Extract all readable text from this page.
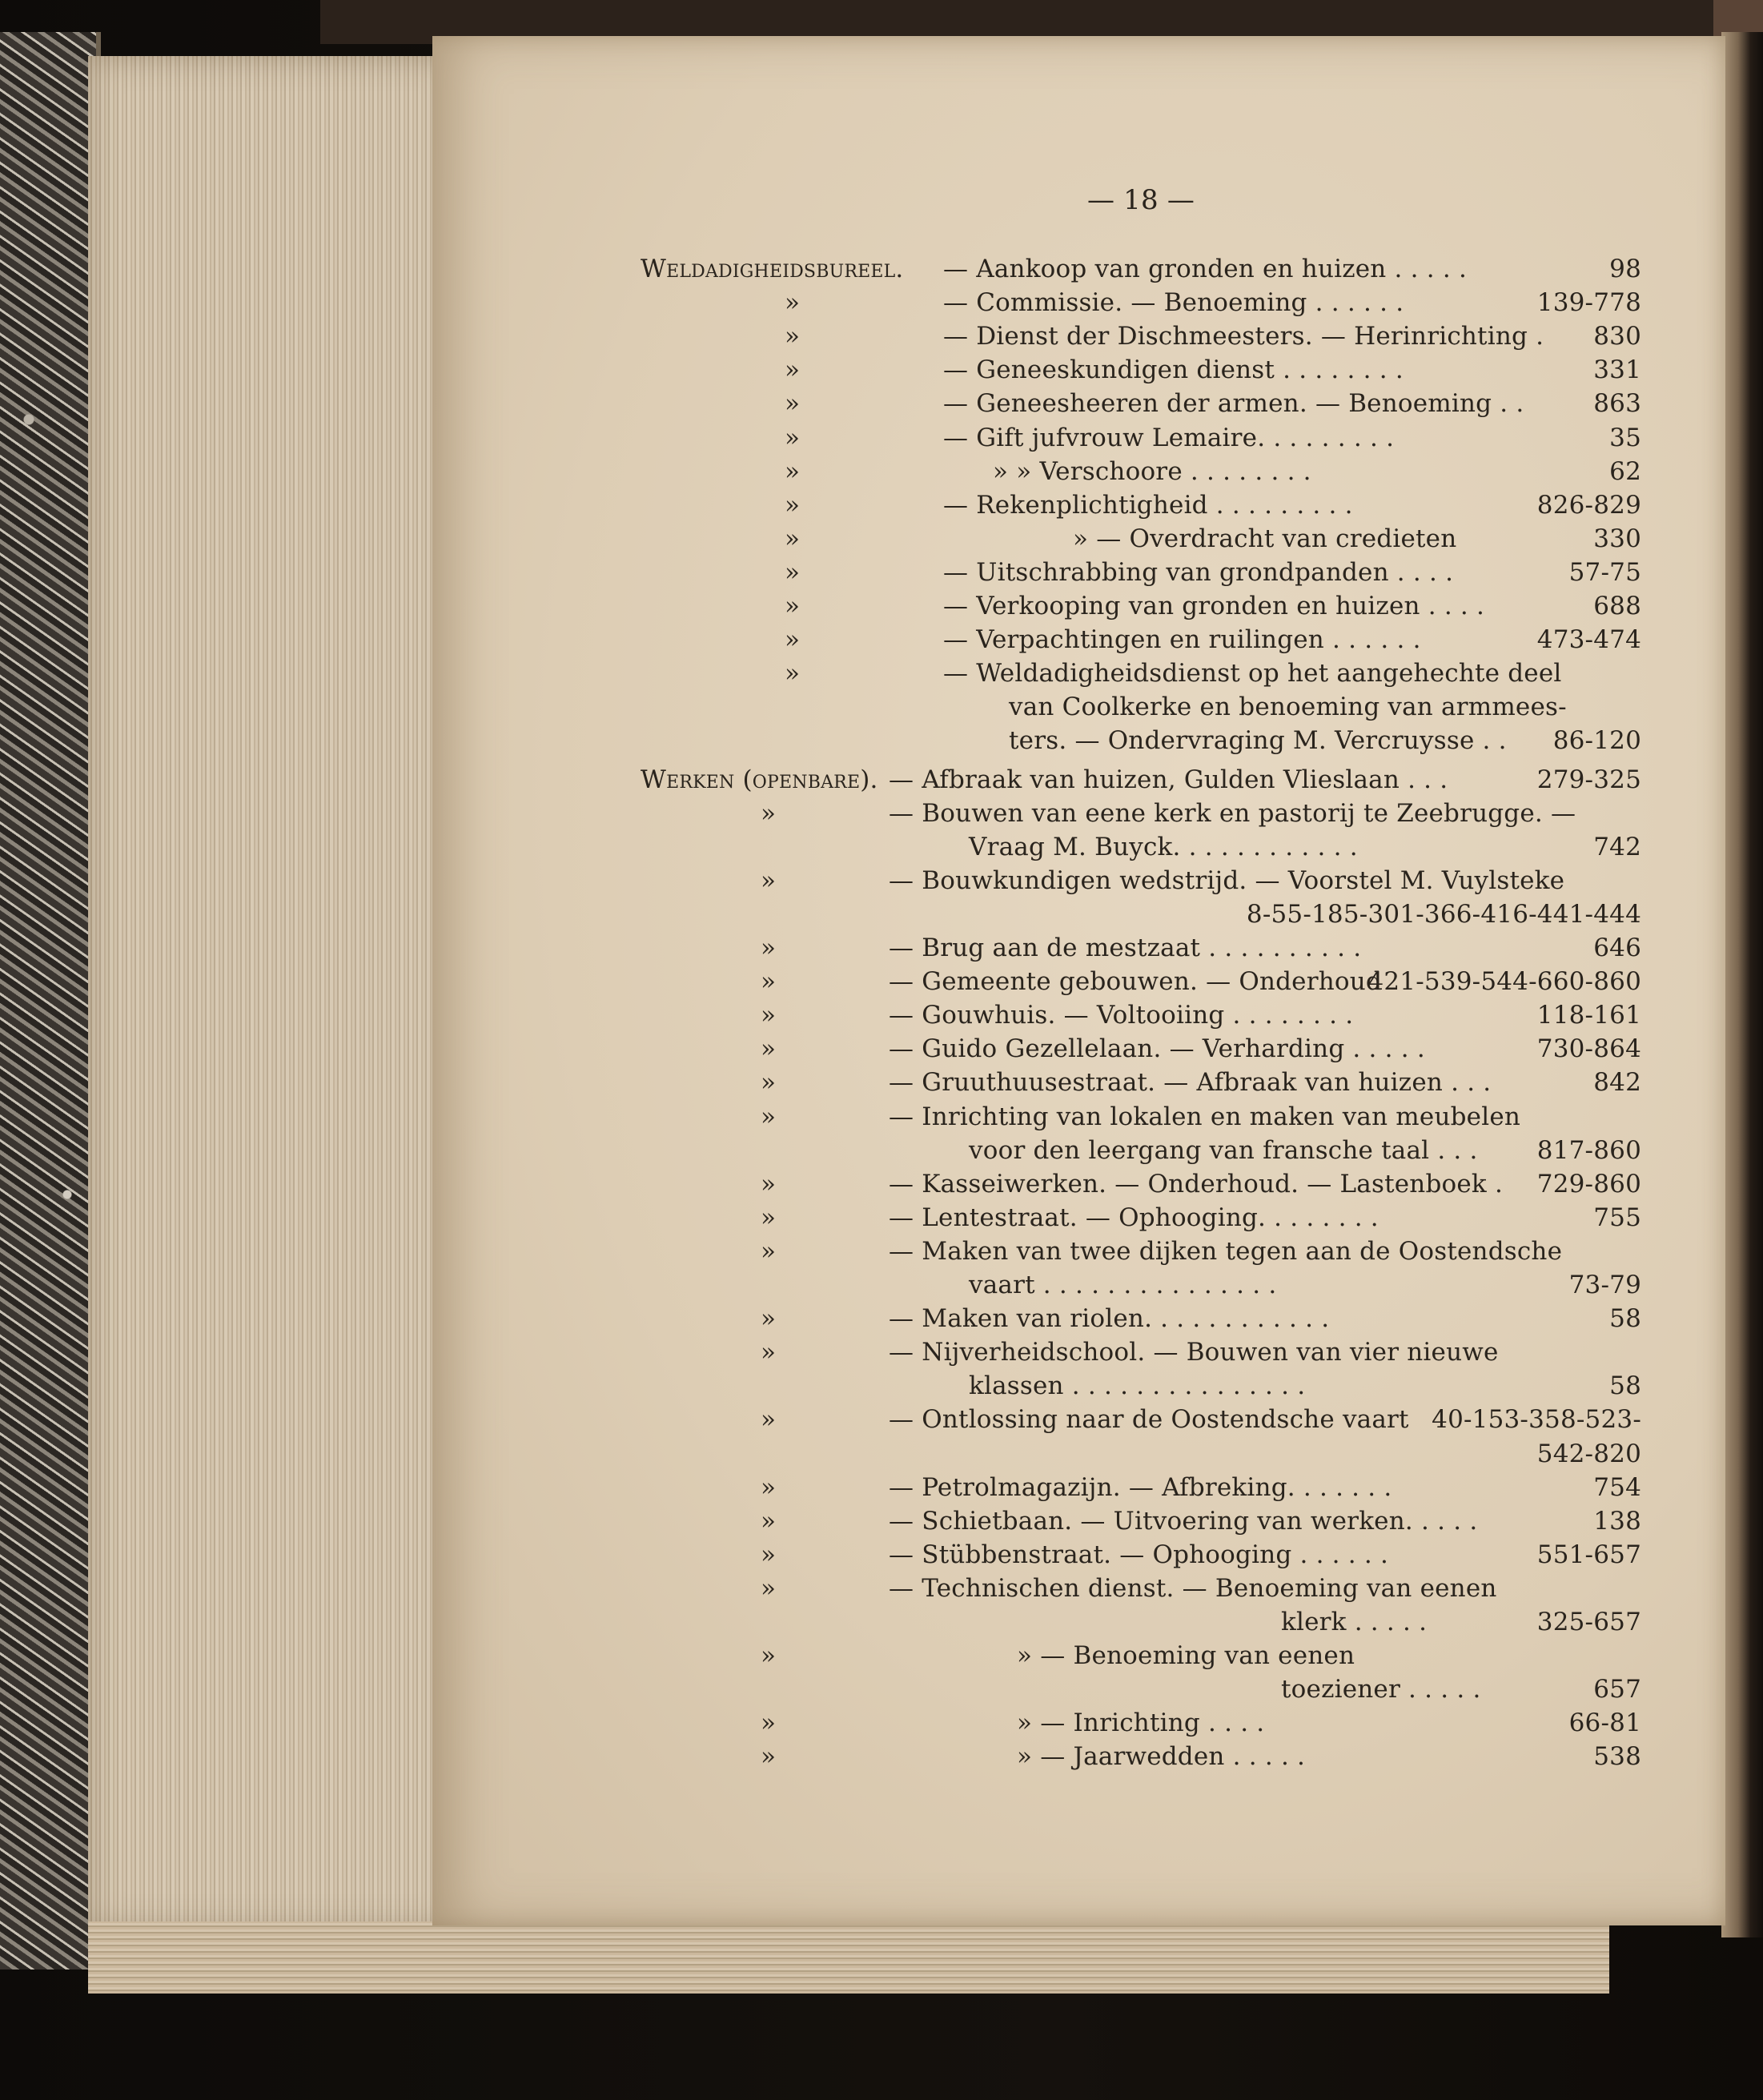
— 18 —
Weldadigheidsbureel. — Aankoop van gronden en huizen . . . . .	98
»	— Commissie. — Benoeming . . . . . .	139-778
»	— Dienst der Dischmeesters. — Herinrichting . 830
»	— Geneeskundigen dienst . . . . . . . .	331
»	— Geneesheeren der armen. — Benoeming . .	863
»	— Gift jufvrouw Lemaire. . . . . . . . .	35
»	» » Verschoore . . . . . . . .	62
»	— Rekenplichtigheid . . . . . . . . .	826-829
»	» — Overdracht van credieten	330
»	— Uitschrabbing van grondpanden . . . .	57-75
»	— Verkooping van gronden en huizen . . . .	688
»	— Verpachtingen en ruilingen . . . . . .	473-474
»	— Weldadigheidsdienst op het aangehechte deel
van Coolkerke en benoeming van armmees-
ters. — Ondervraging M. Vercruysse . . 86-120
Werken (openbare). — Afbraak van huizen, Gulden Vlieslaan . . .	279-325
»	— Bouwen van eene kerk en pastorij te Zeebrugge. —
Vraag M. Buyck. . . . . . . . . . . .	742
»	— Bouwkundigen wedstrijd. — Voorstel M. Vuylsteke
8-55-185-301-366-416-441-444
»	— Brug aan de mestzaat . . . . . . . . . .	646
»	— Gemeente gebouwen. — Onderhoud
421-539-544-660-860
»	— Gouwhuis. — Voltooiing . . . . . . . .	118-161
»	— Guido Gezellelaan. — Verharding . . . . .	730-864
»	— Gruuthuusestraat. — Afbraak van huizen . . .	842
»	— Inrichting van lokalen en maken van meubelen
voor den leergang van fransche taal . . . 817-860
»	— Kasseiwerken. — Onderhoud. — Lastenboek . 729-860
»	— Lentestraat. — Ophooging. . . . . . . .	755
»	— Maken van twee dijken tegen aan de Oostendsche
vaart . . . . . . . . . . . . . . .	73-79
»	— Maken van riolen. . . . . . . . . . . .	58
»	— Nijverheidschool. — Bouwen van vier nieuwe
klassen . . . . . . . . . . . . . . .	58
»	— Ontlossing naar de Oostendsche vaart 40-153-358-523-
542-820
»	— Petrolmagazijn. — Afbreking. . . . . . .	754
»	— Schietbaan. — Uitvoering van werken. . . . .	138
»	— Stübbenstraat. — Ophooging . . . . . .	551-657
»	— Technischen dienst. — Benoeming van eenen
klerk . . . . .	325-657
»	» — Benoeming van eenen
toeziener . . . . .	657
»	» — Inrichting . . . .	66-81
»	» — Jaarwedden . . . . .	538
